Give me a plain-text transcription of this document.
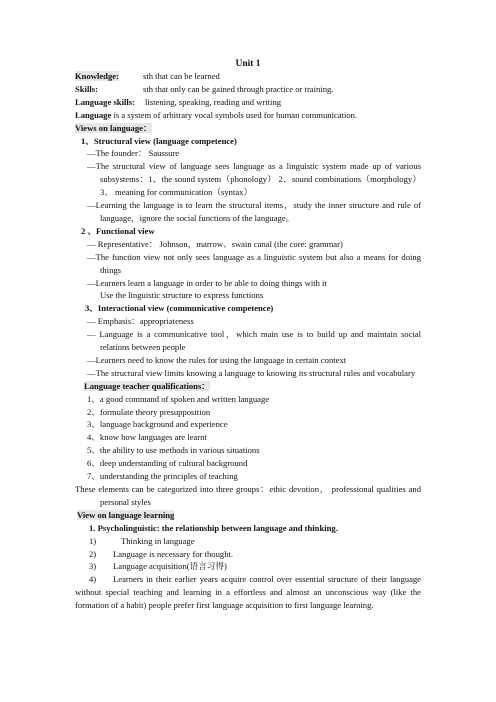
Unit 1
Knowledge:	sth that can be learned
Skills:	sth that only can be gained through practice or training.
Language skills: listening, speaking, reading and writing
Language is a system of arbitrary vocal symbols used for human communication.
Views on language：
1、Structural view (language competence)
—The founder： Saussure
—The structural view of language sees language as a linguistic system made up of various subsystems：1、the sound system（phonology） 2、sound combinations（morphology） 3、 meaning for communication（syntax）
—Learning the language is to learn the structural items，study the inner structure and rule of language，ignore the social functions of the language。
2 、Functional view
— Representative： Johnson，marrow、swain canal (the core: grammar)
—The function view not only sees language as a linguistic system but also a means for doing things
—Learners learn a language in order to be able to doing things with it
Use the linguistic structure to express functions
3、Interactional view (communicative competence)
— Emphasis：appropriateness
— Language is a communicative tool，which main use is to build up and maintain social relations between people
—Learners need to know the rules for using the language in certain context
—The structural view limits knowing a language to knowing its structural rules and vocabulary
Language teacher qualifications：
1、a good command of spoken and written language
2、formulate theory presupposition
3、language background and experience
4、know how languages are learnt
5、the ability to use methods in various situations
6、deep understanding of cultural background
7、understanding the principles of teaching
These elements can be categorized into three groups：ethic devotion， professional qualities and personal styles
View on language learning
1. Psycholinguistic: the relationship between language and thinking.
1)	Thinking in language
2) Language is necessary for thought.
3) Language acquisition(语言习得)
4) Learners in their earlier years acquire control over essential structure of their language without special teaching and learning in a effortless and almost an unconscious way (like the formation of a habit) people prefer first language acquisition to first language learning.
